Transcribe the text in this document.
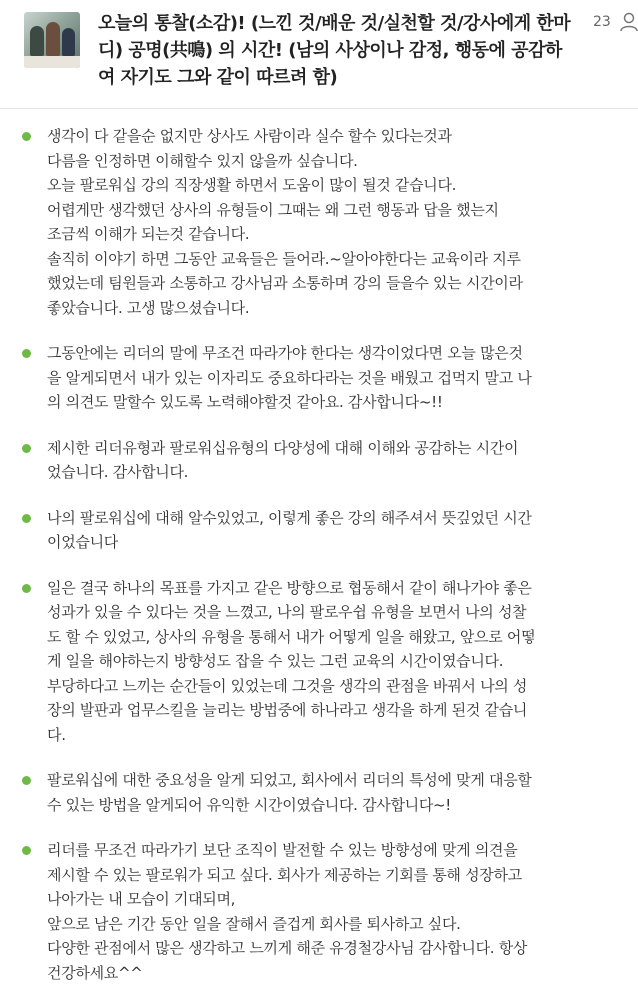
오늘의 통찰(소감)! (느낀 것/배운 것/실천할 것/강사에게 한마디) 공명(共鳴) 의 시간! (남의 사상이나 감정, 행동에 공감하여 자기도 그와 같이 따르려 함)
23
생각이 다 같을순 없지만 상사도 사람이라 실수 할수 있다는것과
다름을 인정하면 이해할수 있지 않을까 싶습니다.
오늘 팔로워십 강의 직장생활 하면서 도움이 많이 될것 같습니다.
어렵게만 생각했던 상사의 유형들이 그때는 왜 그런 행동과 답을 했는지
조금씩 이해가 되는것 같습니다.
솔직히 이야기 하면 그동안 교육들은 들어라.~알아야한다는 교육이라 지루
했었는데 팀원들과 소통하고 강사님과 소통하며 강의 들을수 있는 시간이라
좋았습니다. 고생 많으셨습니다.
그동안에는 리더의 말에 무조건 따라가야 한다는 생각이었다면 오늘 많은것
을 알게되면서 내가 있는 이자리도 중요하다라는 것을 배웠고 겁먹지 말고 나
의 의견도 말할수 있도록 노력해야할것 같아요. 감사합니다~!!
제시한 리더유형과 팔로워십유형의 다양성에 대해 이해와 공감하는 시간이
었습니다. 감사합니다.
나의 팔로워십에 대해 알수있었고, 이렇게 좋은 강의 해주셔서 뜻깊었던 시간
이었습니다
일은 결국 하나의 목표를 가지고 같은 방향으로 협동해서 같이 해나가야 좋은
성과가 있을 수 있다는 것을 느꼈고, 나의 팔로우쉽 유형을 보면서 나의 성찰
도 할 수 있었고, 상사의 유형을 통해서 내가 어떻게 일을 해왔고, 앞으로 어떻
게 일을 해야하는지 방향성도 잡을 수 있는 그런 교육의 시간이였습니다.
부당하다고 느끼는 순간들이 있었는데 그것을 생각의 관점을 바꿔서 나의 성
장의 발판과 업무스킬을 늘리는 방법중에 하나라고 생각을 하게 된것 같습니
다.
팔로워십에 대한 중요성을 알게 되었고, 회사에서 리더의 특성에 맞게 대응할
수 있는 방법을 알게되어 유익한 시간이였습니다. 감사합니다~!
리더를 무조건 따라가기 보단 조직이 발전할 수 있는 방향성에 맞게 의견을
제시할 수 있는 팔로워가 되고 싶다. 회사가 제공하는 기회를 통해 성장하고
나아가는 내 모습이 기대되며,
앞으로 남은 기간 동안 일을 잘해서 즐겁게 회사를 퇴사하고 싶다.
다양한 관점에서 많은 생각하고 느끼게 해준 유경철강사님 감사합니다. 항상
건강하세요^^
